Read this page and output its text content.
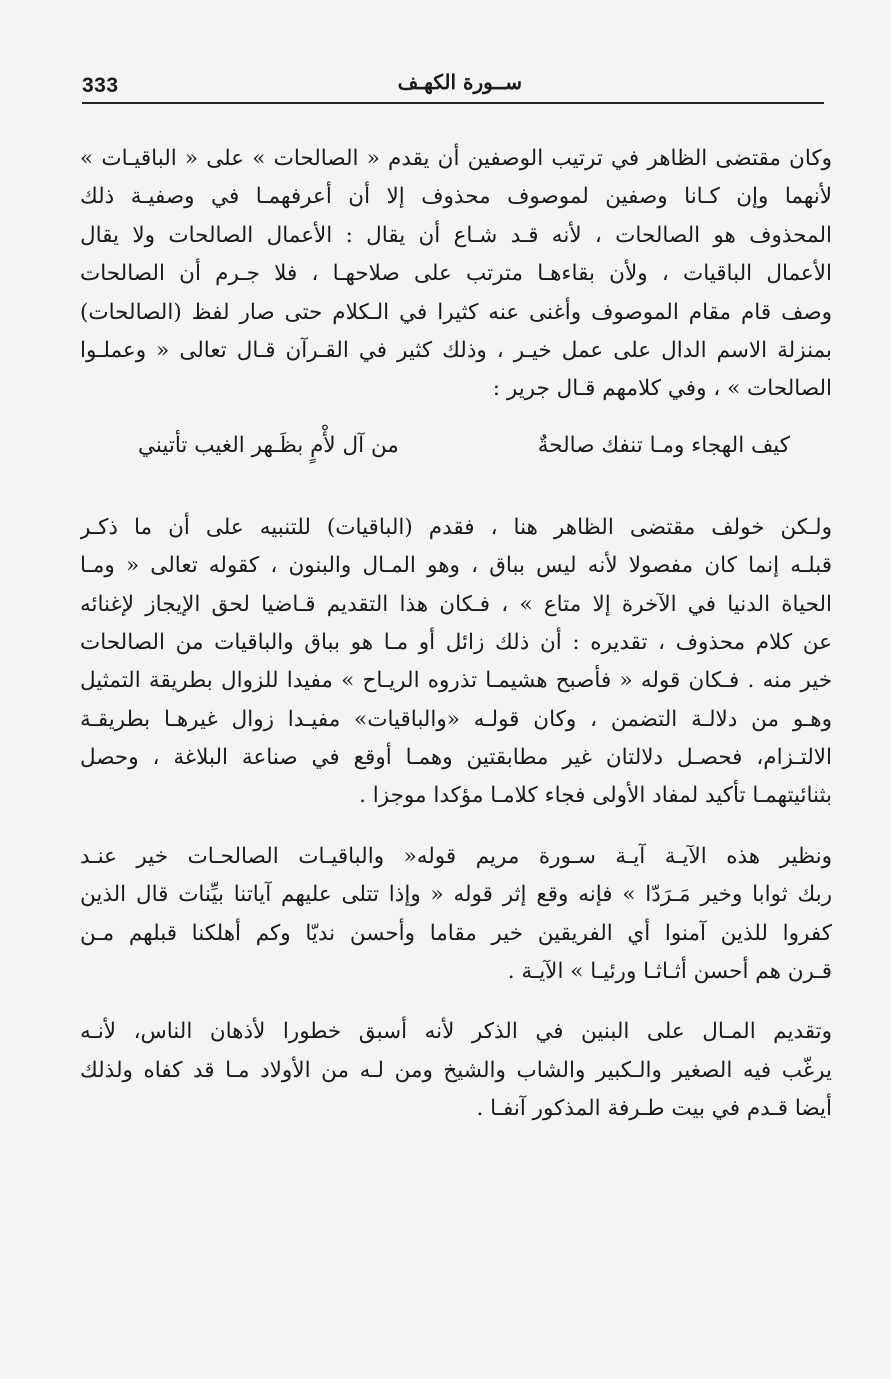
333	ســورة الكهـف
وكان مقتضى الظاهر في ترتيب الوصفين أن يقدم « الصالحات » على « الباقيـات »
لأنهما وإن كـانا وصفين لموصوف محذوف إلا أن أعرفهمـا في وصفيـة ذلك
المحذوف هو الصالحات ، لأنه قـد شـاع أن يقال : الأعمال الصالحات ولا يقال
الأعمال الباقيات ، ولأن بقاءهـا مترتب على صلاحهـا ، فلا جـرم أن الصالحات
وصف قام مقام الموصوف وأغنى عنه كثيرا في الـكلام حتى صار لفظ (الصالحات)
بمنزلة الاسم الدال على عمل خيـر ، وذلك كثير في القـرآن قـال تعالى « وعملـوا
الصالحات » ، وفي كلامهم قـال جرير :
كيف الهجاء ومـا تنفك صالحةٌ
من آل لأْمٍ بظَـهر الغيب تأتيني
ولـكن خولف مقتضى الظاهر هنا ، فقدم (الباقيات) للتنبيه على أن ما ذكـر
قبلـه إنما كان مفصولا لأنه ليس بباق ، وهو المـال والبنون ، كقوله تعالى « ومـا
الحياة الدنيا في الآخرة إلا متاع » ، فـكان هذا التقديم قـاضيا لحق الإيجاز لإغنائه
عن كلام محذوف ، تقديره : أن ذلك زائل أو مـا هو بباق والباقيات من الصالحات
خير منه . فـكان قوله « فأصبح هشيمـا تذروه الريـاح » مفيدا للزوال بطريقة التمثيل
وهـو من دلالـة التضمن ، وكان قولـه «والباقيات» مفيـدا زوال غيرهـا بطريقـة
الالتـزام، فحصـل دلالتان غير مطابقتين وهمـا أوقع في صناعة البلاغة ، وحصل
بثنائيتهمـا تأكيد لمفاد الأولى فجاء كلامـا مؤكدا موجزا .
ونظير هذه الآيـة آيـة سـورة مريم قوله« والباقيـات الصالحـات خير عنـد
ربك ثوابا وخير مَـرَدّا » فإنه وقع إثر قوله « وإذا تتلى عليهم آياتنا بيِّنات قال الذين
كفروا للذين آمنوا أي الفريقين خير مقاما وأحسن نديّا وكم أهلكنا قبلهم مـن
قـرن هم أحسن أثـاثـا ورئيـا » الآيـة .
وتقديم المـال على البنين في الذكر لأنه أسبق خطورا لأذهان الناس، لأنـه
يرغّب فيه الصغير والـكبير والشاب والشيخ ومن لـه من الأولاد مـا قد كفاه ولذلك
أيضا قـدم في بيت طـرفة المذكور آنفـا .
